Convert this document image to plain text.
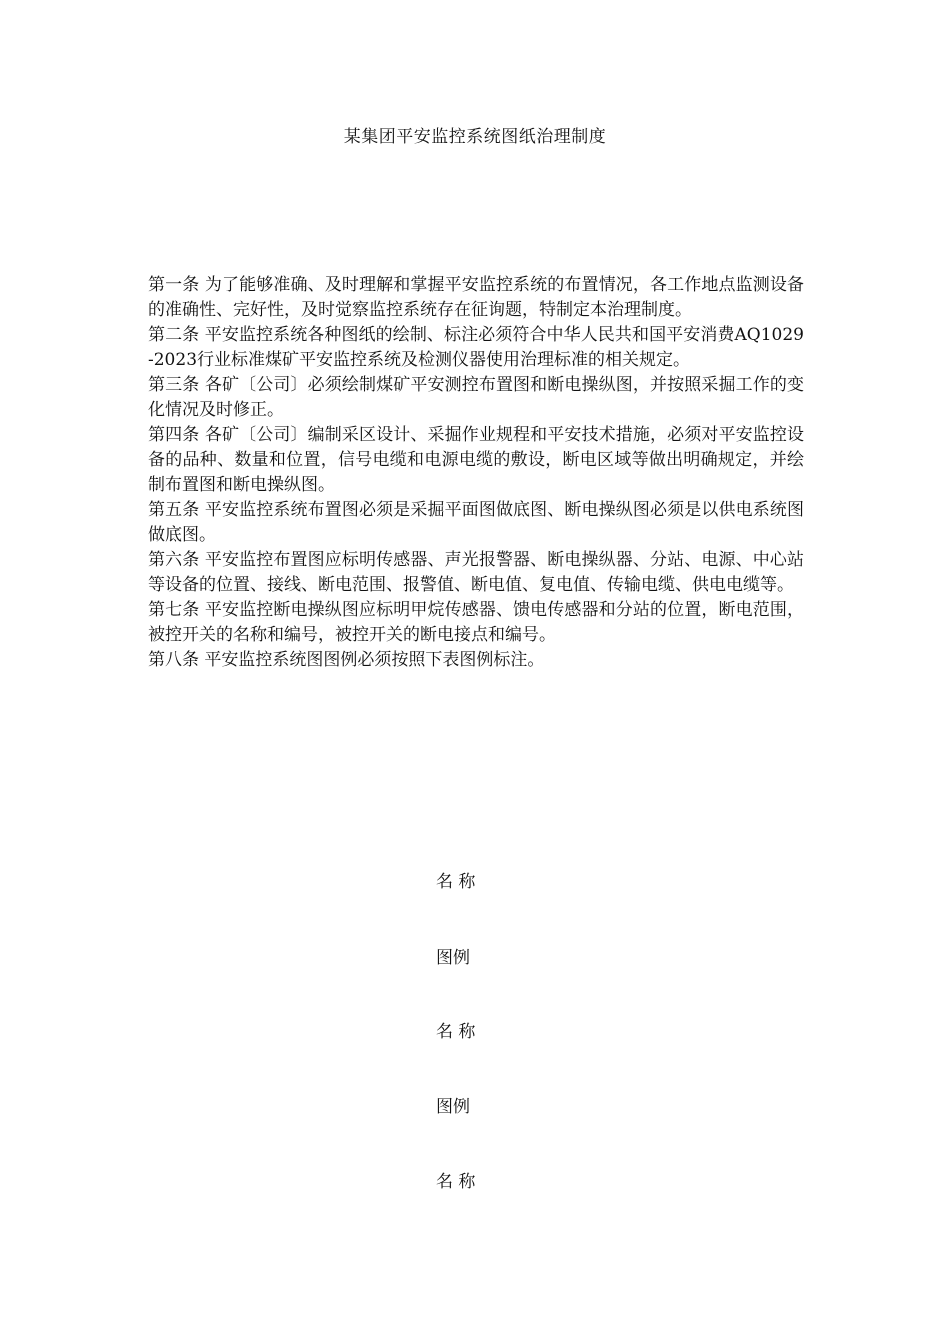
某集团平安监控系统图纸治理制度

第一条 为了能够准确、及时理解和掌握平安监控系统的布置情况，各工作地点监测设备的准确性、完好性，及时觉察监控系统存在征询题，特制定本治理制度。

第二条 平安监控系统各种图纸的绘制、标注必须符合中华人民共和国平安消费AQ1029-2023行业标准煤矿平安监控系统及检测仪器使用治理标准的相关规定。

第三条 各矿〔公司〕必须绘制煤矿平安测控布置图和断电操纵图，并按照采掘工作的变化情况及时修正。

第四条 各矿〔公司〕编制采区设计、采掘作业规程和平安技术措施，必须对平安监控设备的品种、数量和位置，信号电缆和电源电缆的敷设，断电区域等做出明确规定，并绘制布置图和断电操纵图。

第五条 平安监控系统布置图必须是采掘平面图做底图、断电操纵图必须是以供电系统图做底图。

第六条 平安监控布置图应标明传感器、声光报警器、断电操纵器、分站、电源、中心站等设备的位置、接线、断电范围、报警值、断电值、复电值、传输电缆、供电电缆等。

第七条 平安监控断电操纵图应标明甲烷传感器、馈电传感器和分站的位置，断电范围，被控开关的名称和编号，被控开关的断电接点和编号。

第八条 平安监控系统图图例必须按照下表图例标注。

名 称
图例
名 称
图例
名 称
